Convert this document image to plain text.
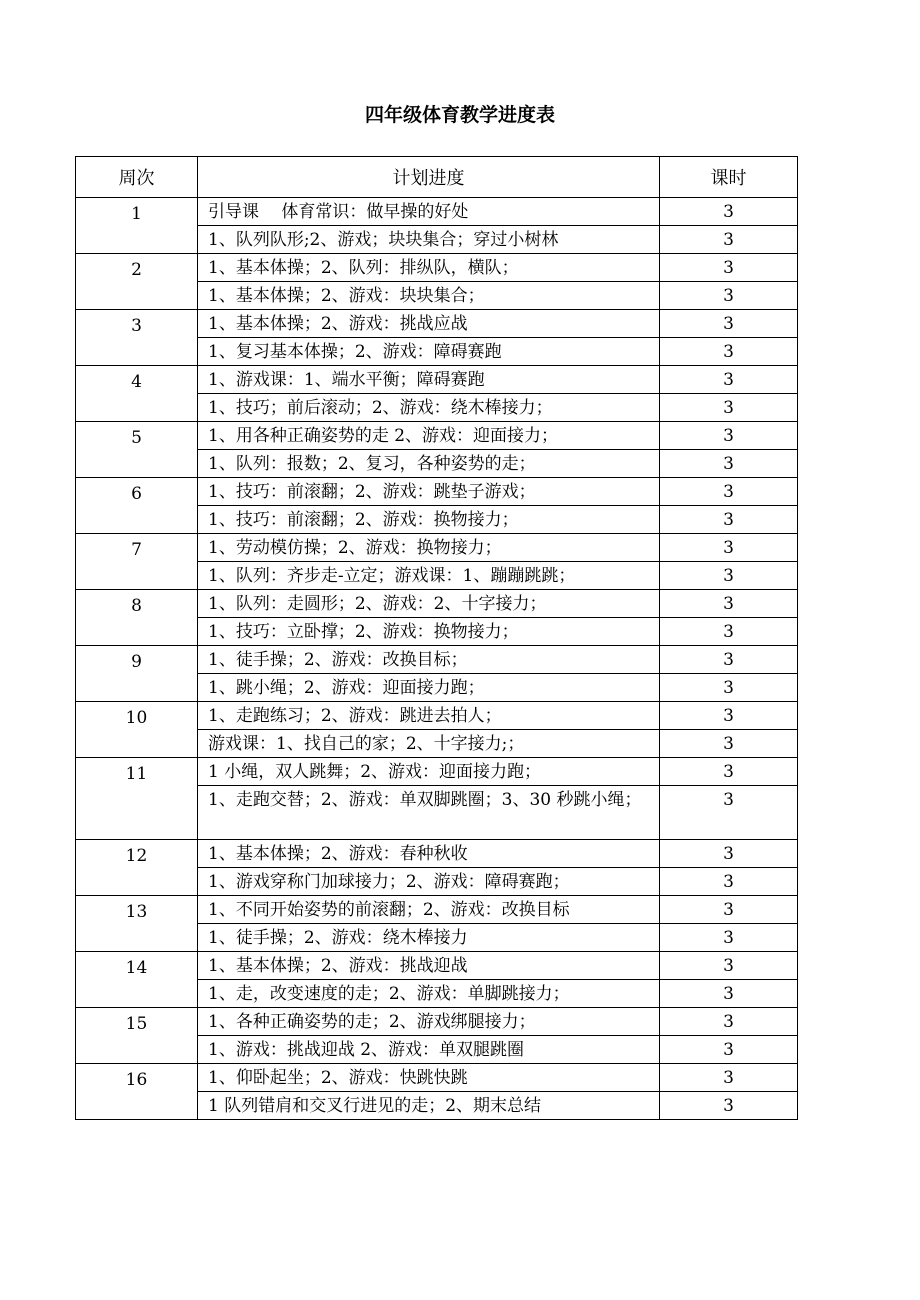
四年级体育教学进度表
周次	计划进度	课时
1	引导课　 体育常识：做早操的好处	3
	1、队列队形;2、游戏；块块集合；穿过小树林	3
2	1、基本体操；2、队列：排纵队，横队；	3
	1、基本体操；2、游戏：块块集合；	3
3	1、基本体操；2、游戏：挑战应战	3
	1、复习基本体操；2、游戏：障碍赛跑	3
4	1、游戏课：1、端水平衡；障碍赛跑	3
	1、技巧；前后滚动；2、游戏：绕木棒接力；	3
5	1、用各种正确姿势的走 2、游戏：迎面接力；	3
	1、队列：报数；2、复习，各种姿势的走；	3
6	1、技巧：前滚翻；2、游戏：跳垫子游戏；	3
	1、技巧：前滚翻；2、游戏：换物接力；	3
7	1、劳动模仿操；2、游戏：换物接力；	3
	1、队列：齐步走-立定；游戏课：1、蹦蹦跳跳；	3
8	1、队列：走圆形；2、游戏：2、十字接力；	3
	1、技巧：立卧撑；2、游戏：换物接力；	3
9	1、徒手操；2、游戏：改换目标；	3
	1、跳小绳；2、游戏：迎面接力跑；	3
10	1、走跑练习；2、游戏：跳进去拍人；	3
	游戏课：1、找自己的家；2、十字接力;；	3
11	1 小绳，双人跳舞；2、游戏：迎面接力跑；	3
	1、走跑交替；2、游戏：单双脚跳圈；3、30 秒跳小绳；	3
12	1、基本体操；2、游戏：春种秋收	3
	1、游戏穿称门加球接力；2、游戏：障碍赛跑；	3
13	1、不同开始姿势的前滚翻；2、游戏：改换目标	3
	1、徒手操；2、游戏：绕木棒接力	3
14	1、基本体操；2、游戏：挑战迎战	3
	1、走，改变速度的走；2、游戏：单脚跳接力；	3
15	1、各种正确姿势的走；2、游戏绑腿接力；	3
	1、游戏：挑战迎战 2、游戏：单双腿跳圈	3
16	1、仰卧起坐；2、游戏：快跳快跳	3
	1 队列错肩和交叉行进见的走；2、期末总结	3
